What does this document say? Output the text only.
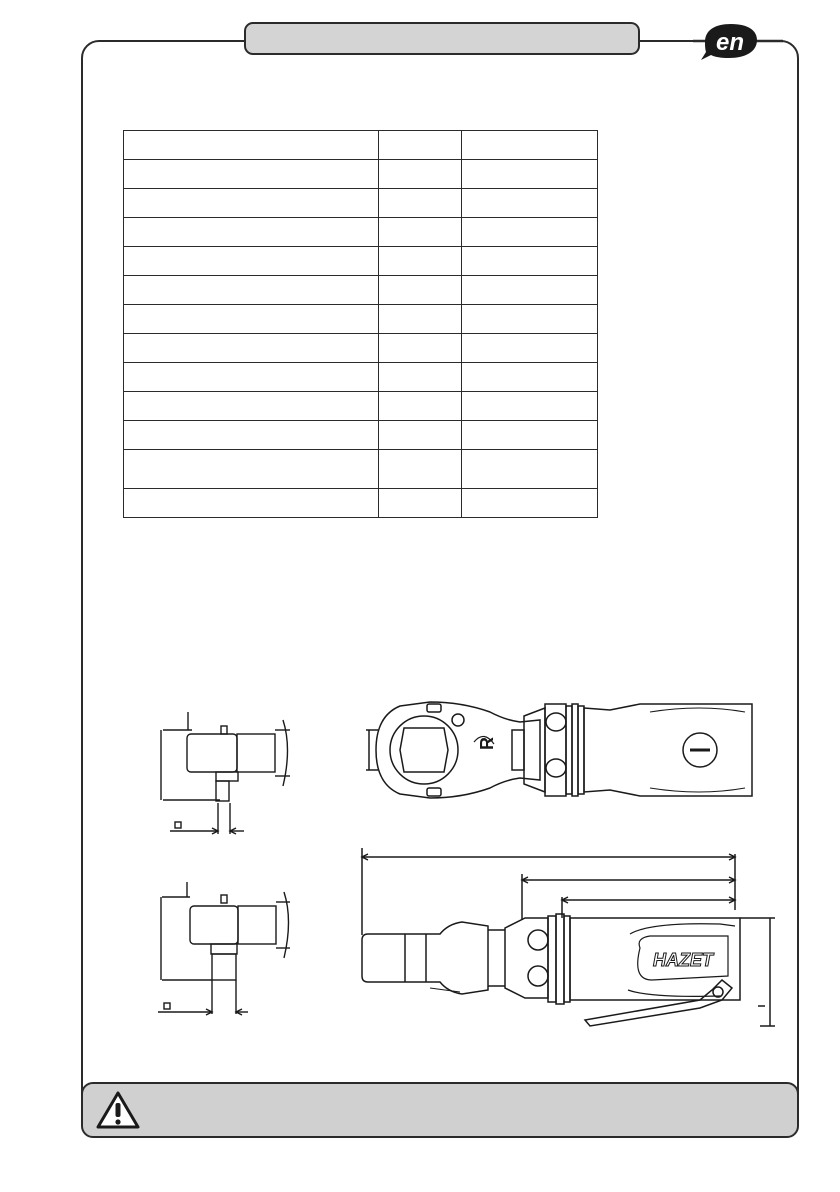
en

R
HAZET
